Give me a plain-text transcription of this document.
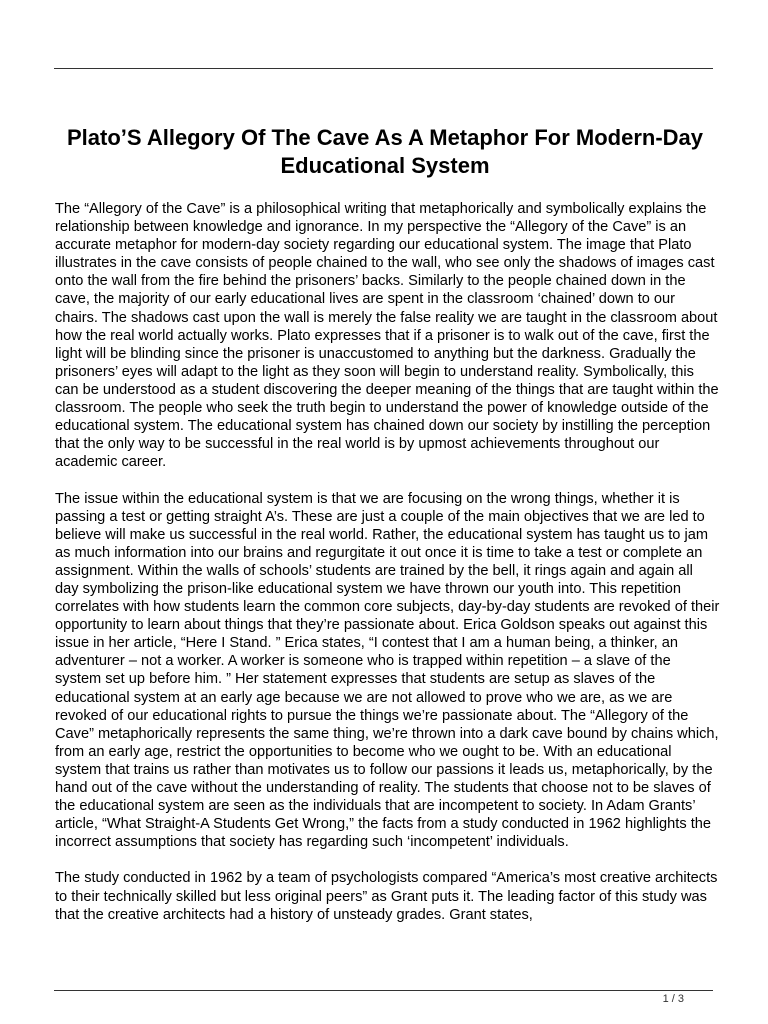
Plato’S Allegory Of The Cave As A Metaphor For Modern-Day Educational System

The “Allegory of the Cave” is a philosophical writing that metaphorically and symbolically explains the relationship between knowledge and ignorance. In my perspective the “Allegory of the Cave” is an accurate metaphor for modern-day society regarding our educational system. The image that Plato illustrates in the cave consists of people chained to the wall, who see only the shadows of images cast onto the wall from the fire behind the prisoners’ backs. Similarly to the people chained down in the cave, the majority of our early educational lives are spent in the classroom ‘chained’ down to our chairs. The shadows cast upon the wall is merely the false reality we are taught in the classroom about how the real world actually works. Plato expresses that if a prisoner is to walk out of the cave, first the light will be blinding since the prisoner is unaccustomed to anything but the darkness. Gradually the prisoners’ eyes will adapt to the light as they soon will begin to understand reality. Symbolically, this can be understood as a student discovering the deeper meaning of the things that are taught within the classroom. The people who seek the truth begin to understand the power of knowledge outside of the educational system. The educational system has chained down our society by instilling the perception that the only way to be successful in the real world is by upmost achievements throughout our academic career.

The issue within the educational system is that we are focusing on the wrong things, whether it is passing a test or getting straight A’s. These are just a couple of the main objectives that we are led to believe will make us successful in the real world. Rather, the educational system has taught us to jam as much information into our brains and regurgitate it out once it is time to take a test or complete an assignment. Within the walls of schools’ students are trained by the bell, it rings again and again all day symbolizing the prison-like educational system we have thrown our youth into. This repetition correlates with how students learn the common core subjects, day-by-day students are revoked of their opportunity to learn about things that they’re passionate about. Erica Goldson speaks out against this issue in her article, “Here I Stand. ” Erica states, “I contest that I am a human being, a thinker, an adventurer – not a worker. A worker is someone who is trapped within repetition – a slave of the system set up before him. ” Her statement expresses that students are setup as slaves of the educational system at an early age because we are not allowed to prove who we are, as we are revoked of our educational rights to pursue the things we’re passionate about. The “Allegory of the Cave” metaphorically represents the same thing, we’re thrown into a dark cave bound by chains which, from an early age, restrict the opportunities to become who we ought to be. With an educational system that trains us rather than motivates us to follow our passions it leads us, metaphorically, by the hand out of the cave without the understanding of reality. The students that choose not to be slaves of the educational system are seen as the individuals that are incompetent to society. In Adam Grants’ article, “What Straight-A Students Get Wrong,” the facts from a study conducted in 1962 highlights the incorrect assumptions that society has regarding such ‘incompetent’ individuals.

The study conducted in 1962 by a team of psychologists compared “America’s most creative architects to their technically skilled but less original peers” as Grant puts it. The leading factor of this study was that the creative architects had a history of unsteady grades. Grant states,

1 / 3
